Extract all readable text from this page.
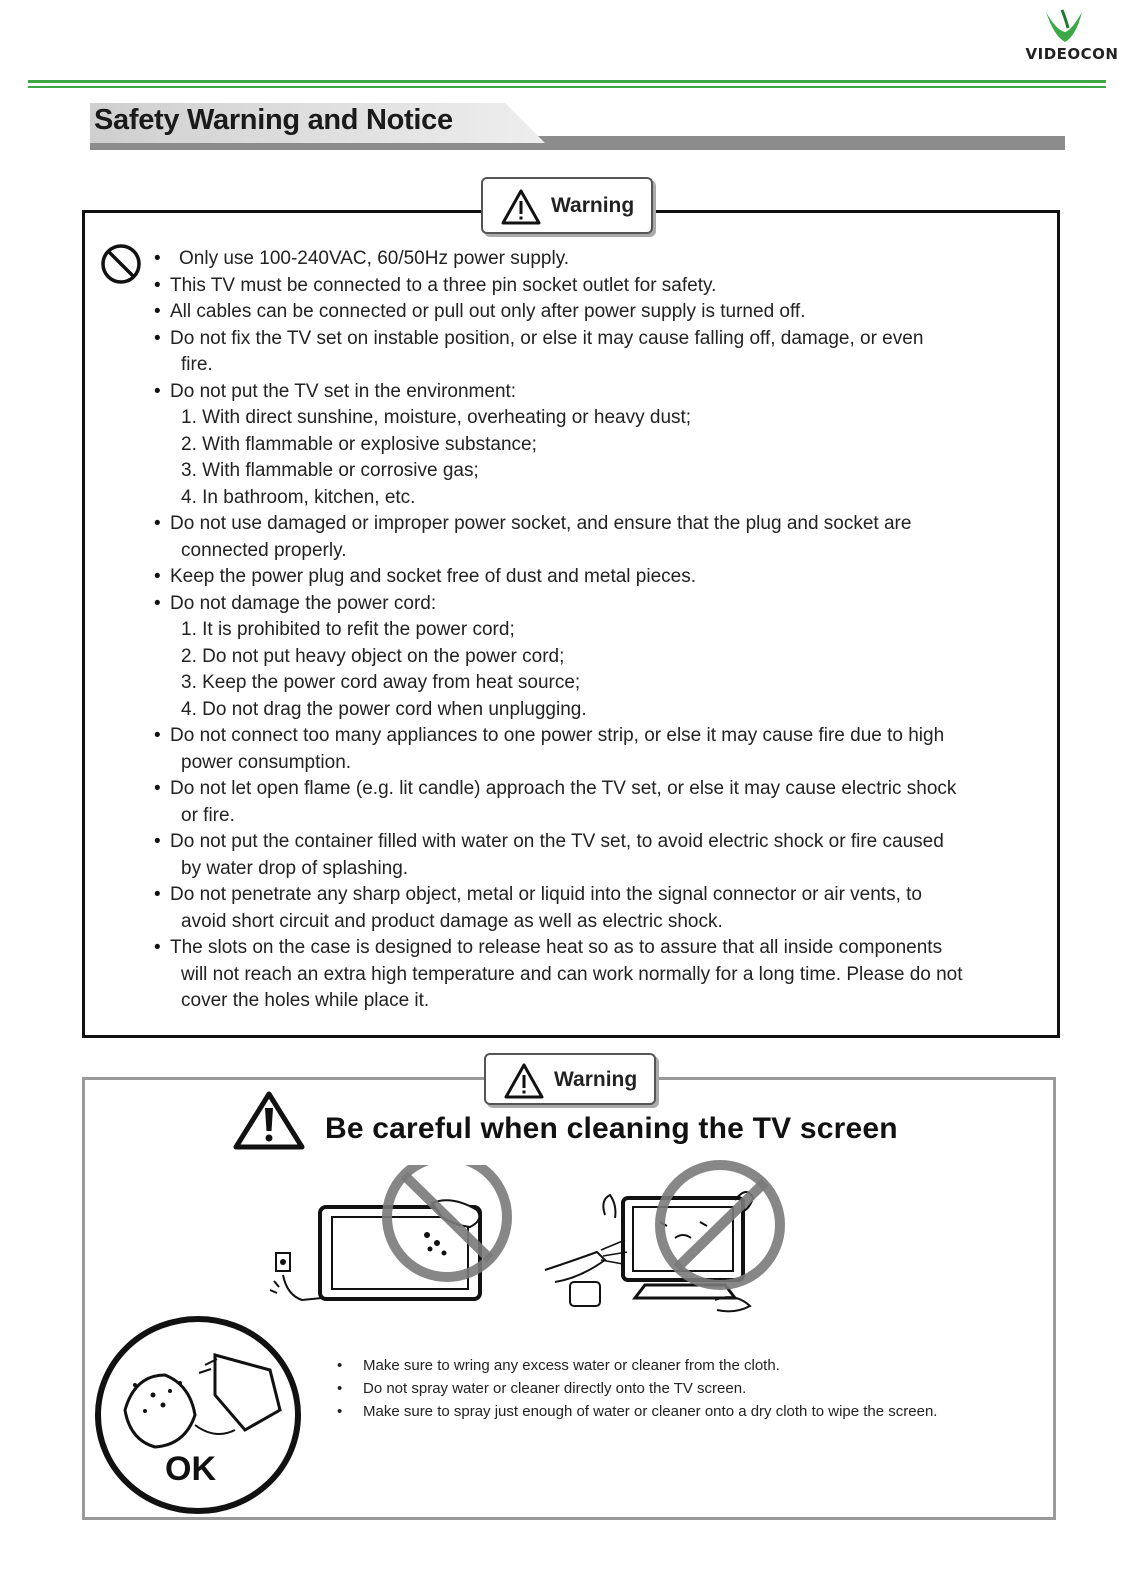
VIDEOCON
Safety Warning and Notice
Warning
• Only use 100-240VAC, 60/50Hz power supply.
• This TV must be connected to a three pin socket outlet for safety.
• All cables can be connected or pull out only after power supply is turned off.
• Do not fix the TV set on instable position, or else it may cause falling off, damage, or even
fire.
• Do not put the TV set in the environment:
1. With direct sunshine, moisture, overheating or heavy dust;
2. With flammable or explosive substance;
3. With flammable or corrosive gas;
4. In bathroom, kitchen, etc.
• Do not use damaged or improper power socket, and ensure that the plug and socket are
connected properly.
• Keep the power plug and socket free of dust and metal pieces.
• Do not damage the power cord:
1. It is prohibited to refit the power cord;
2. Do not put heavy object on the power cord;
3. Keep the power cord away from heat source;
4. Do not drag the power cord when unplugging.
• Do not connect too many appliances to one power strip, or else it may cause fire due to high
power consumption.
• Do not let open flame (e.g. lit candle) approach the TV set, or else it may cause electric shock
or fire.
• Do not put the container filled with water on the TV set, to avoid electric shock or fire caused
by water drop of splashing.
• Do not penetrate any sharp object, metal or liquid into the signal connector or air vents, to
avoid short circuit and product damage as well as electric shock.
• The slots on the case is designed to release heat so as to assure that all inside components
will not reach an extra high temperature and can work normally for a long time. Please do not
cover the holes while place it.
Warning
Be careful when cleaning the TV screen
OK
• Make sure to wring any excess water or cleaner from the cloth.
• Do not spray water or cleaner directly onto the TV screen.
• Make sure to spray just enough of water or cleaner onto a dry cloth to wipe the screen.
